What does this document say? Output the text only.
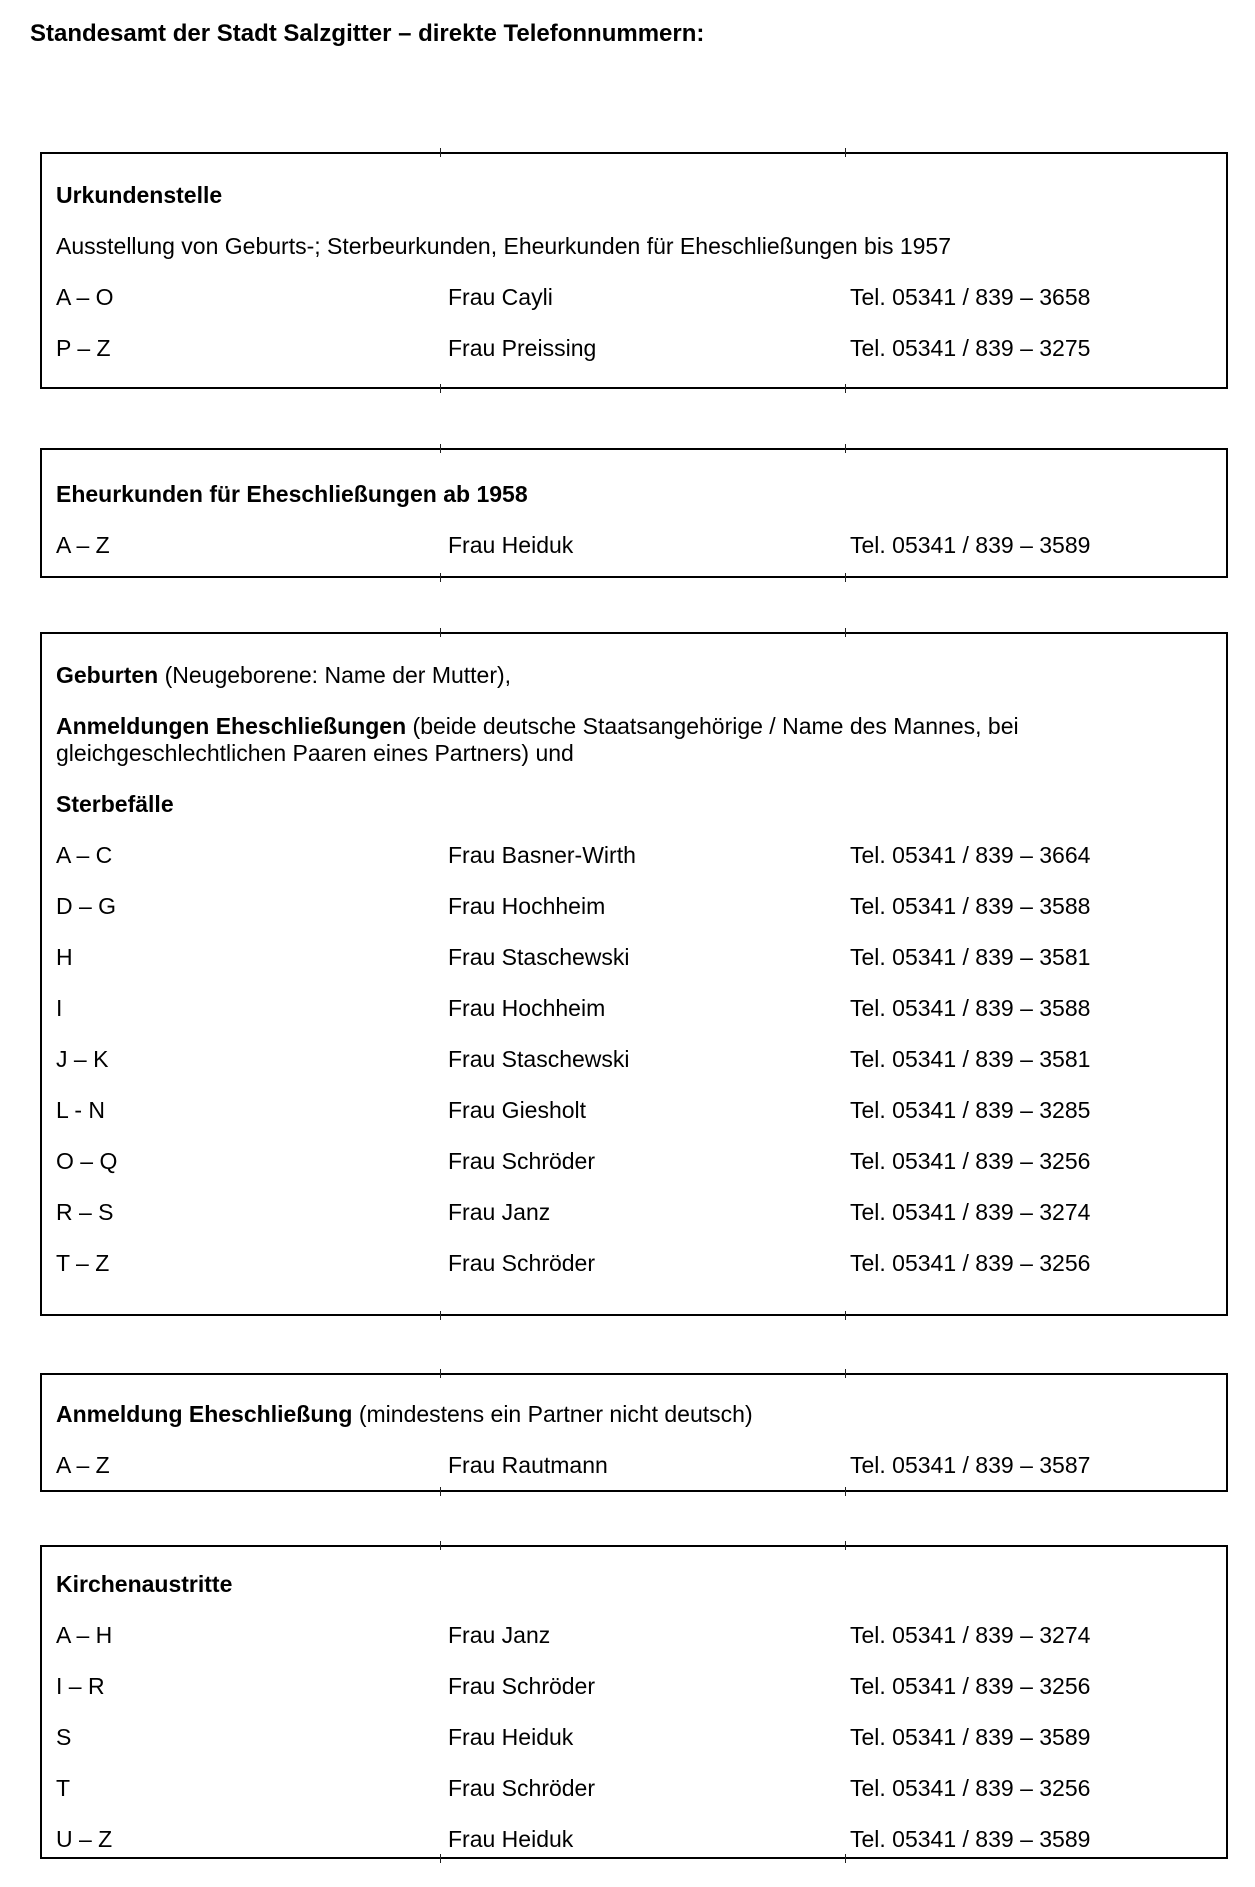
Standesamt der Stadt Salzgitter – direkte Telefonnummern:
Urkundenstelle
Ausstellung von Geburts-; Sterbeurkunden, Eheurkunden für Eheschließungen bis 1957
A – O	Frau Cayli	Tel. 05341 / 839 – 3658
P – Z	Frau Preissing	Tel. 05341 / 839 – 3275
Eheurkunden für Eheschließungen ab 1958
A – Z	Frau Heiduk	Tel. 05341 / 839 – 3589
Geburten (Neugeborene: Name der Mutter),
Anmeldungen Eheschließungen (beide deutsche Staatsangehörige / Name des Mannes, bei gleichgeschlechtlichen Paaren eines Partners) und
Sterbefälle
A – C	Frau Basner-Wirth	Tel. 05341 / 839 – 3664
D – G	Frau Hochheim	Tel. 05341 / 839 – 3588
H	Frau Staschewski	Tel. 05341 / 839 – 3581
I	Frau Hochheim	Tel. 05341 / 839 – 3588
J – K	Frau Staschewski	Tel. 05341 / 839 – 3581
L - N	Frau Giesholt	Tel. 05341 / 839 – 3285
O – Q	Frau Schröder	Tel. 05341 / 839 – 3256
R – S	Frau Janz	Tel. 05341 / 839 – 3274
T – Z	Frau Schröder	Tel. 05341 / 839 – 3256
Anmeldung Eheschließung (mindestens ein Partner nicht deutsch)
A – Z	Frau Rautmann	Tel. 05341 / 839 – 3587
Kirchenaustritte
A – H	Frau Janz	Tel. 05341 / 839 – 3274
I – R	Frau Schröder	Tel. 05341 / 839 – 3256
S	Frau Heiduk	Tel. 05341 / 839 – 3589
T	Frau Schröder	Tel. 05341 / 839 – 3256
U – Z	Frau Heiduk	Tel. 05341 / 839 – 3589
